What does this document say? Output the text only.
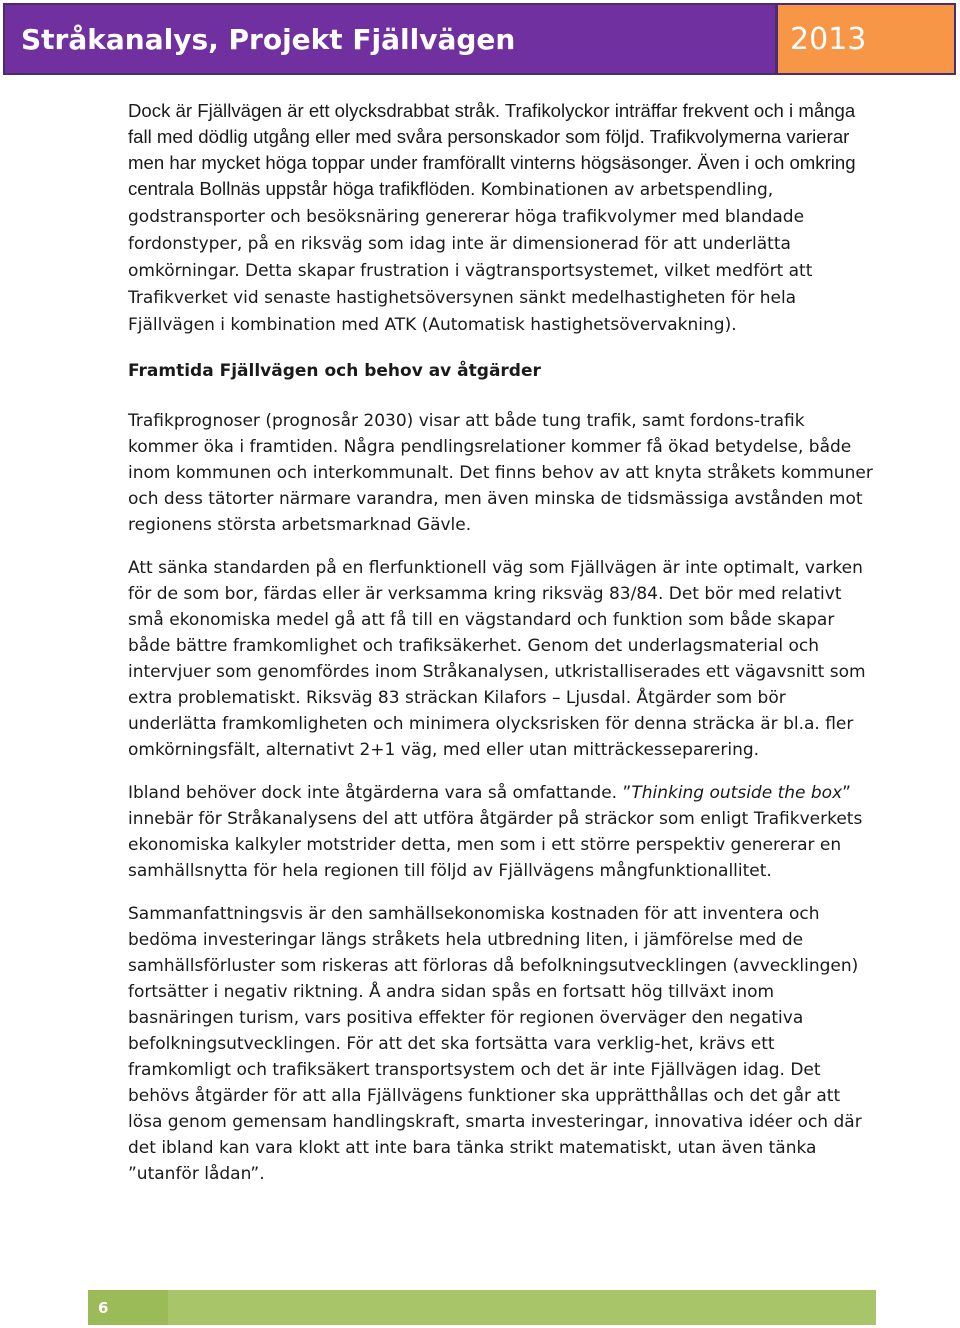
Stråkanalys, Projekt Fjällvägen	2013

Dock är Fjällvägen är ett olycksdrabbat stråk. Trafikolyckor inträffar frekvent och i många fall med dödlig utgång eller med svåra personskador som följd. Trafikvolymerna varierar men har mycket höga toppar under framförallt vinterns högsäsonger. Även i och omkring centrala Bollnäs uppstår höga trafikflöden. Kombinationen av arbetspendling, godstransporter och besöksnäring genererar höga trafikvolymer med blandade fordonstyper, på en riksväg som idag inte är dimensionerad för att underlätta omkörningar. Detta skapar frustration i vägtransportsystemet, vilket medfört att Trafikverket vid senaste hastighetsöversynen sänkt medelhastigheten för hela Fjällvägen i kombination med ATK (Automatisk hastighetsövervakning).

Framtida Fjällvägen och behov av åtgärder

Trafikprognoser (prognosår 2030) visar att både tung trafik, samt fordons-trafik kommer öka i framtiden. Några pendlingsrelationer kommer få ökad betydelse, både inom kommunen och interkommunalt. Det finns behov av att knyta stråkets kommuner och dess tätorter närmare varandra, men även minska de tidsmässiga avstånden mot regionens största arbetsmarknad Gävle.

Att sänka standarden på en flerfunktionell väg som Fjällvägen är inte optimalt, varken för de som bor, färdas eller är verksamma kring riksväg 83/84. Det bör med relativt små ekonomiska medel gå att få till en vägstandard och funktion som både skapar både bättre framkomlighet och trafiksäkerhet. Genom det underlagsmaterial och intervjuer som genomfördes inom Stråkanalysen, utkristalliserades ett vägavsnitt som extra problematiskt. Riksväg 83 sträckan Kilafors – Ljusdal. Åtgärder som bör underlätta framkomligheten och minimera olycksrisken för denna sträcka är bl.a. fler omkörningsfält, alternativt 2+1 väg, med eller utan mitträckesseparering.

Ibland behöver dock inte åtgärderna vara så omfattande. ”Thinking outside the box” innebär för Stråkanalysens del att utföra åtgärder på sträckor som enligt Trafikverkets ekonomiska kalkyler motstrider detta, men som i ett större perspektiv genererar en samhällsnytta för hela regionen till följd av Fjällvägens mångfunktionallitet.

Sammanfattningsvis är den samhällsekonomiska kostnaden för att inventera och bedöma investeringar längs stråkets hela utbredning liten, i jämförelse med de samhällsförluster som riskeras att förloras då befolkningsutvecklingen (avvecklingen) fortsätter i negativ riktning. Å andra sidan spås en fortsatt hög tillväxt inom basnäringen turism, vars positiva effekter för regionen överväger den negativa befolkningsutvecklingen. För att det ska fortsätta vara verklig-het, krävs ett framkomligt och trafiksäkert transportsystem och det är inte Fjällvägen idag. Det behövs åtgärder för att alla Fjällvägens funktioner ska upprätthållas och det går att lösa genom gemensam handlingskraft, smarta investeringar, innovativa idéer och där det ibland kan vara klokt att inte bara tänka strikt matematiskt, utan även tänka ”utanför lådan”.

6
